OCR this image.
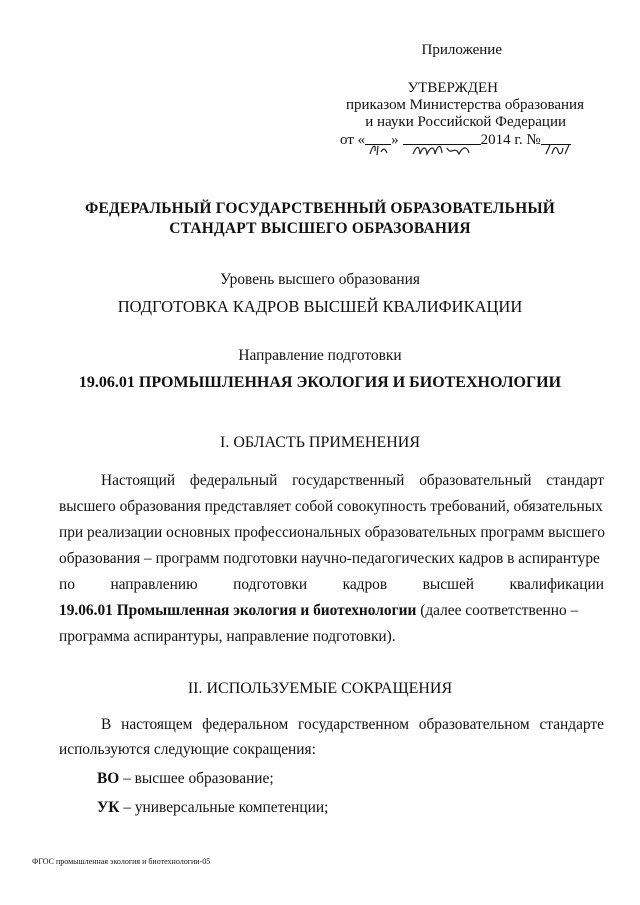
Приложение
УТВЕРЖДЕН
приказом Министерства образования
и науки Российской Федерации
от « »	2014 г. №
ФЕДЕРАЛЬНЫЙ ГОСУДАРСТВЕННЫЙ ОБРАЗОВАТЕЛЬНЫЙ
СТАНДАРТ ВЫСШЕГО ОБРАЗОВАНИЯ
Уровень высшего образования
ПОДГОТОВКА КАДРОВ ВЫСШЕЙ КВАЛИФИКАЦИИ
Направление подготовки
19.06.01 ПРОМЫШЛЕННАЯ ЭКОЛОГИЯ И БИОТЕХНОЛОГИИ
I. ОБЛАСТЬ ПРИМЕНЕНИЯ
Настоящий федеральный государственный образовательный стандарт
высшего образования представляет собой совокупность требований, обязательных
при реализации основных профессиональных образовательных программ высшего
образования – программ подготовки научно-педагогических кадров в аспирантуре
по направлению подготовки кадров высшей квалификации
19.06.01 Промышленная экология и биотехнологии (далее соответственно –
программа аспирантуры, направление подготовки).
II. ИСПОЛЬЗУЕМЫЕ СОКРАЩЕНИЯ
В настоящем федеральном государственном образовательном стандарте
используются следующие сокращения:
ВО – высшее образование;
УК – универсальные компетенции;
ФГОС промышленная экология и биотехнологии-05
